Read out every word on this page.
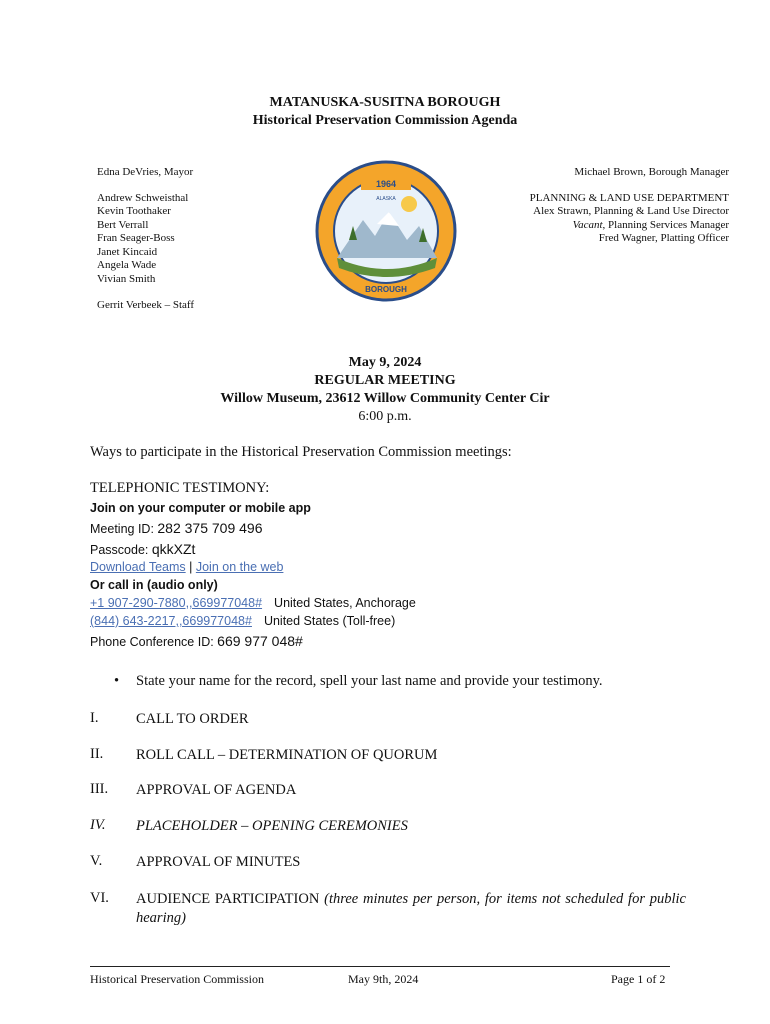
MATANUSKA-SUSITNA BOROUGH
Historical Preservation Commission Agenda
Edna DeVries, Mayor
Andrew Schweisthal
Kevin Toothaker
Bert Verrall
Fran Seager-Boss
Janet Kincaid
Angela Wade
Vivian Smith
Gerrit Verbeek – Staff
1964
ALASKA
BOROUGH
Michael Brown, Borough Manager
PLANNING & LAND USE DEPARTMENT
Alex Strawn, Planning & Land Use Director
Vacant, Planning Services Manager
Fred Wagner, Platting Officer
May 9, 2024
REGULAR MEETING
Willow Museum, 23612 Willow Community Center Cir
6:00 p.m.
Ways to participate in the Historical Preservation Commission meetings:
TELEPHONIC TESTIMONY:
Join on your computer or mobile app
Meeting ID: 282 375 709 496
Passcode: qkkXZt
Download Teams | Join on the web
Or call in (audio only)
+1 907-290-7880,,669977048# United States, Anchorage
(844) 643-2217,,669977048# United States (Toll-free)
Phone Conference ID: 669 977 048#
• State your name for the record, spell your last name and provide your testimony.
I.	CALL TO ORDER
II. ROLL CALL – DETERMINATION OF QUORUM
III. APPROVAL OF AGENDA
IV. PLACEHOLDER – OPENING CEREMONIES
V. APPROVAL OF MINUTES
VI. AUDIENCE PARTICIPATION (three minutes per person, for items not scheduled for public hearing)
Historical Preservation Commission	May 9th, 2024	Page 1 of 2
